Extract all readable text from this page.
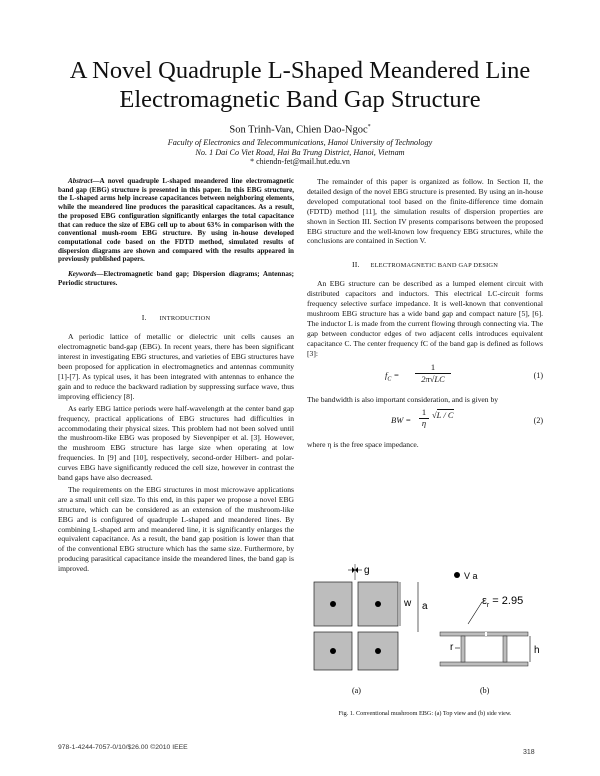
A Novel Quadruple L-Shaped Meandered Line
Electromagnetic Band Gap Structure
Son Trinh-Van, Chien Dao-Ngoc*
Faculty of Electronics and Telecommunications, Hanoi University of Technology
No. 1 Dai Co Viet Road, Hai Ba Trung District, Hanoi, Vietnam
* chiendn-fet@mail.hut.edu.vn

Abstract—A novel quadruple L-shaped meandered line electromagnetic band gap (EBG) structure is presented in this paper. In this EBG structure, the L-shaped arms help increase capacitances between neighboring elements, while the meandered line produces the parasitical capacitances. As a result, the proposed EBG configuration significantly enlarges the total capacitance that can reduce the size of EBG cell up to about 63% in comparison with the conventional mush-room EBG structure. By using in-house developed computational code based on the FDTD method, simulated results of dispersion diagrams are shown and compared with the results appeared in previously published papers.

Keywords—Electromagnetic band gap; Dispersion diagrams; Antennas; Periodic structures.

I. INTRODUCTION

A periodic lattice of metallic or dielectric unit cells causes an electromagnetic band-gap (EBG). In recent years, there has been significant interest in investigating EBG structures, and varieties of EBG structures have been proposed for application in electromagnetics and antennas community [1]-[7]. As typical uses, it has been integrated with antennas to enhance the gain and to reduce the backward radiation by suppressing surface wave, thus improving efficiency [8].

As early EBG lattice periods were half-wavelength at the center band gap frequency, practical applications of EBG structures had difficulties in accommodating their physical sizes. This problem had not been solved until the mushroom-like EBG was proposed by Sievenpiper et al. [3]. However, the mushroom EBG structure has large size when operating at low frequencies. In [9] and [10], respectively, second-order Hilbert- and polar-curves EBG have significantly reduced the cell size, however in contrast the band gaps have also decreased.

The requirements on the EBG structures in most microwave applications are a small unit cell size. To this end, in this paper we propose a novel EBG structure, which can be considered as an extension of the mushroom-like EBG and is configured of quadruple L-shaped and meandered lines. By combining L-shaped arm and meandered line, it is significantly enlarges the equivalent capacitance. As a result, the band gap position is lower than that of the conventional EBG structure which has the same size. Furthermore, by producing parasitical capacitance inside the meandered lines, the band gap is improved.

The remainder of this paper is organized as follow. In Section II, the detailed design of the novel EBG structure is presented. By using an in-house developed computational tool based on the finite-difference time domain (FDTD) method [11], the simulation results of dispersion properties are shown in Section III. Section IV presents comparisons between the proposed EBG structure and the well-known low frequency EBG structures, while the conclusions are contained in Section V.

II. ELECTROMAGNETIC BAND GAP DESIGN

An EBG structure can be described as a lumped element circuit with distributed capacitors and inductors. This electrical LC-circuit forms frequency selective surface impedance. It is well-known that conventional mushroom EBG structure has a wide band gap and compact nature [5], [6]. The inductor L is made from the current flowing through connecting via. The gap between conductor edges of two adjacent cells introduces equivalent capacitance C. The center frequency fC of the band gap is defined as follows [3]:

$f_C = \frac{1}{2\pi√LC}$	(1)

The bandwidth is also important consideration, and is given by

BW = $\frac{1}{\eta} √L$ / C
(2)

where η is the free space impedance.

g
w a
(a)
V a
$\varepsilon_r = 2.95$
r	h
(b)
Fig. 1. Conventional mushroom EBG: (a) Top view and (b) side view.
978-1-4244-7057-0/10/$26.00 ©2010 IEEE
318
